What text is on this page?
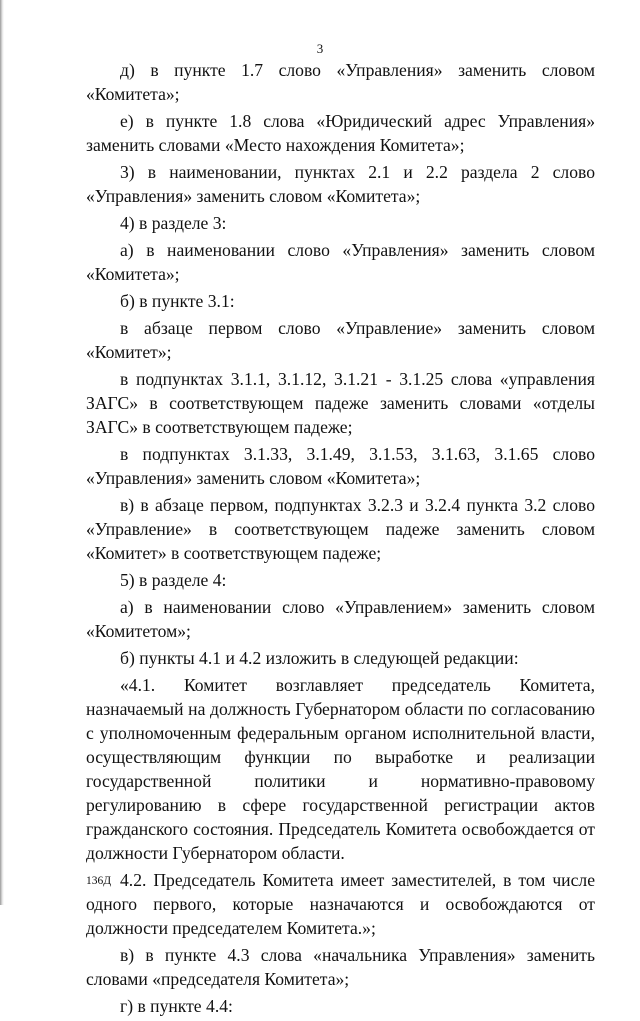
3

д) в пункте 1.7 слово «Управления» заменить словом «Комитета»;

е) в пункте 1.8 слова «Юридический адрес Управления» заменить словами «Место нахождения Комитета»;

3) в наименовании, пунктах 2.1 и 2.2 раздела 2 слово «Управления» заменить словом «Комитета»;

4) в разделе 3:

а) в наименовании слово «Управления» заменить словом «Комитета»;

б) в пункте 3.1:

в абзаце первом слово «Управление» заменить словом «Комитет»;

в подпунктах 3.1.1, 3.1.12, 3.1.21 - 3.1.25 слова «управления ЗАГС» в соответствующем падеже заменить словами «отделы ЗАГС» в соответствующем падеже;

в подпунктах 3.1.33, 3.1.49, 3.1.53, 3.1.63, 3.1.65 слово «Управления» заменить словом «Комитета»;

в) в абзаце первом, подпунктах 3.2.3 и 3.2.4 пункта 3.2 слово «Управление» в соответствующем падеже заменить словом «Комитет» в соответствующем падеже;

5) в разделе 4:

а) в наименовании слово «Управлением» заменить словом «Комитетом»;

б) пункты 4.1 и 4.2 изложить в следующей редакции:

«4.1. Комитет возглавляет председатель Комитета, назначаемый на должность Губернатором области по согласованию с уполномоченным федеральным органом исполнительной власти, осуществляющим функции по выработке и реализации государственной политики и нормативно-правовому регулированию в сфере государственной регистрации актов гражданского состояния. Председатель Комитета освобождается от должности Губернатором области.

4.2. Председатель Комитета имеет заместителей, в том числе одного первого, которые назначаются и освобождаются от должности председателем Комитета.»;

в) в пункте 4.3 слова «начальника Управления» заменить словами «председателя Комитета»;

г) в пункте 4.4:

136Д
